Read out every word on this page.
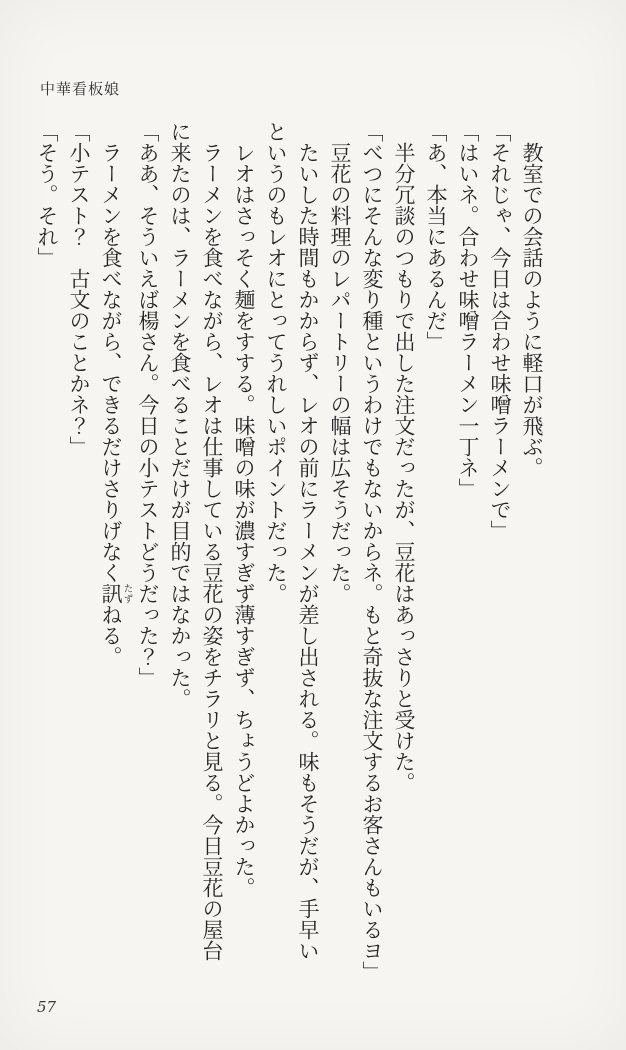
中華看板娘
　教室での会話のように軽口が飛ぶ。
「それじゃ、今日は合わせ味噌ラーメンで」
「はいネ。合わせ味噌ラーメン一丁ネ」
「あ、本当にあるんだ」
　半分冗談のつもりで出した注文だったが、豆花はあっさりと受けた。
「べつにそんな変り種というわけでもないからネ。もと奇抜な注文するお客さんもいるヨ」
　豆花の料理のレパートリーの幅は広そうだった。
　たいした時間もかからず、レオの前にラーメンが差し出される。味もそうだが、手早い
というのもレオにとってうれしいポイントだった。
　レオはさっそく麺をすする。味噌の味が濃すぎず薄すぎず、ちょうどよかった。
　ラーメンを食べながら、レオは仕事している豆花の姿をチラリと見る。今日豆花の屋台
に来たのは、ラーメンを食べることだけが目的ではなかった。
「ああ、そういえば楊さん。今日の小テストどうだった？」
　ラーメンを食べながら、できるだけさりげなく訊たずねる。
「小テスト？　古文のことかネ？」
「そう。それ」
57
